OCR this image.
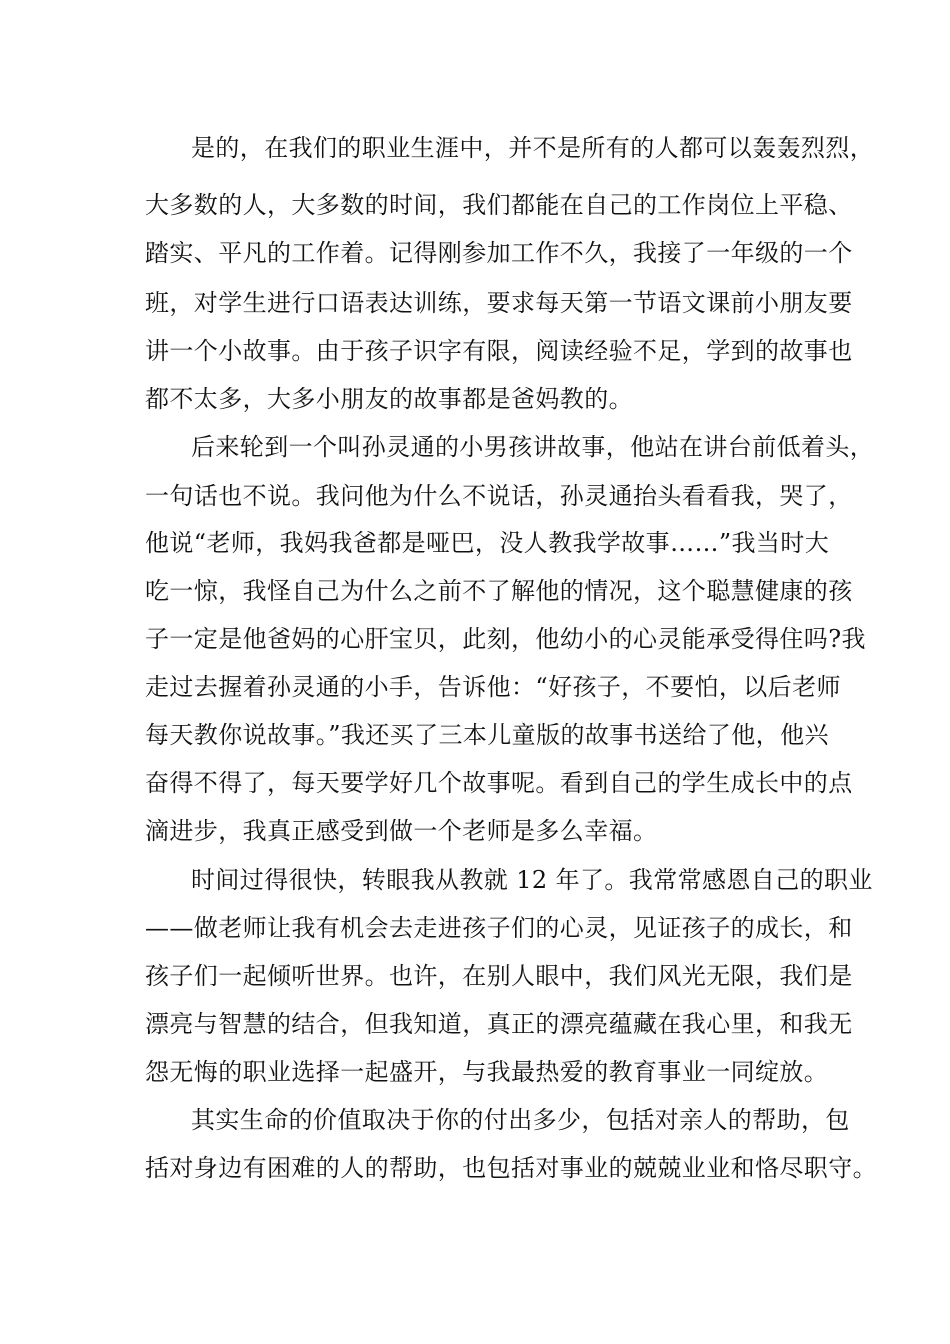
是的，在我们的职业生涯中，并不是所有的人都可以轰轰烈烈，
大多数的人，大多数的时间，我们都能在自己的工作岗位上平稳、
踏实、平凡的工作着。记得刚参加工作不久，我接了一年级的一个
班，对学生进行口语表达训练，要求每天第一节语文课前小朋友要
讲一个小故事。由于孩子识字有限，阅读经验不足，学到的故事也
都不太多，大多小朋友的故事都是爸妈教的。
后来轮到一个叫孙灵通的小男孩讲故事，他站在讲台前低着头，
一句话也不说。我问他为什么不说话，孙灵通抬头看看我，哭了，
他说“老师，我妈我爸都是哑巴，没人教我学故事……”我当时大
吃一惊，我怪自己为什么之前不了解他的情况，这个聪慧健康的孩
子一定是他爸妈的心肝宝贝，此刻，他幼小的心灵能承受得住吗?我
走过去握着孙灵通的小手，告诉他：“好孩子，不要怕，以后老师
每天教你说故事。”我还买了三本儿童版的故事书送给了他，他兴
奋得不得了，每天要学好几个故事呢。看到自己的学生成长中的点
滴进步，我真正感受到做一个老师是多么幸福。
时间过得很快，转眼我从教就 12 年了。我常常感恩自己的职业
——做老师让我有机会去走进孩子们的心灵，见证孩子的成长，和
孩子们一起倾听世界。也许，在别人眼中，我们风光无限，我们是
漂亮与智慧的结合，但我知道，真正的漂亮蕴藏在我心里，和我无
怨无悔的职业选择一起盛开，与我最热爱的教育事业一同绽放。
其实生命的价值取决于你的付出多少，包括对亲人的帮助，包
括对身边有困难的人的帮助，也包括对事业的兢兢业业和恪尽职守。
